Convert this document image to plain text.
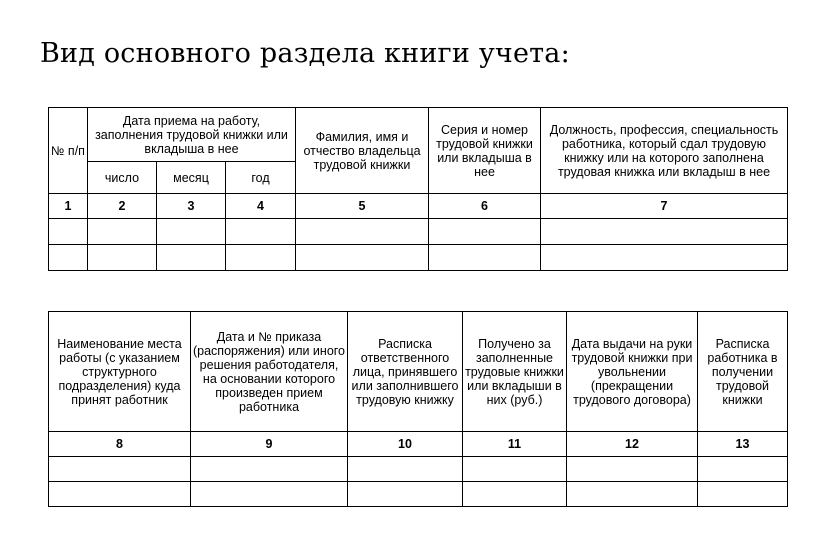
Вид основного раздела книги учета:
№ п/п	Дата приема на работу, заполнения трудовой книжки или вкладыша в нее			Фамилия, имя и отчество владельца трудовой книжки	Серия и номер трудовой книжки или вкладыша в нее	Должность, профессия, специальность работника, который сдал трудовую книжку или на которого заполнена трудовая книжка или вкладыш в нее
	число	месяц	год			
1	2	3	4	5	6	7

Наименование места работы (с указанием структурного подразделения) куда принят работник	Дата и № приказа (распоряжения) или иного решения работодателя, на основании которого произведен прием работника	Расписка ответственного лица, принявшего или заполнившего трудовую книжку	Получено за заполненные трудовые книжки или вкладыши в них (руб.)	Дата выдачи на руки трудовой книжки при увольнении (прекращении трудового договора)	Расписка работника в получении трудовой книжки
8	9	10	11	12	13
